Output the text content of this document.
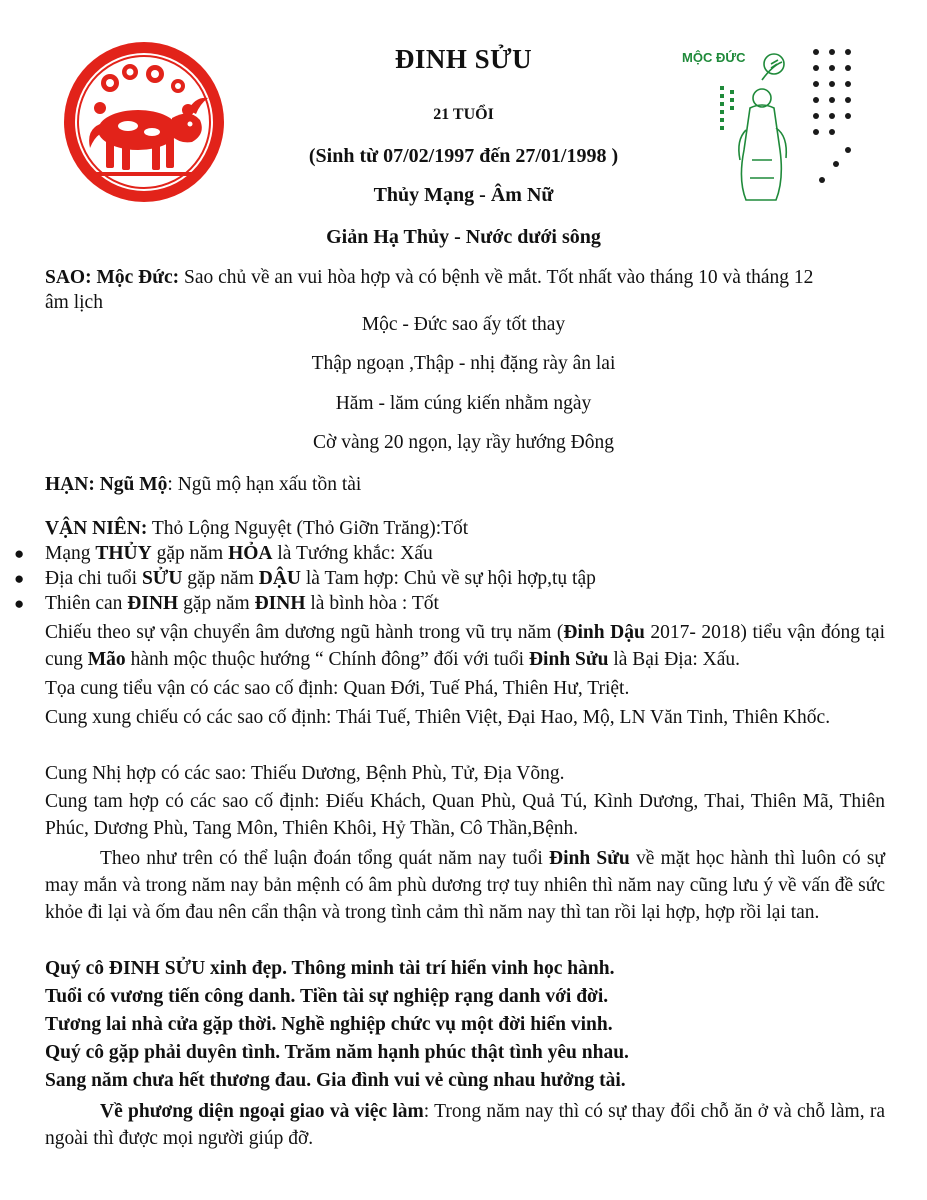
MỘC ĐỨC
ĐINH SỬU
21 TUỔI
(Sinh từ 07/02/1997 đến 27/01/1998 )
Thủy Mạng - Âm Nữ
Giản Hạ Thủy - Nước dưới sông
SAO: Mộc Đức: Sao chủ về an vui hòa hợp và có bệnh về mắt. Tốt nhất vào tháng 10 và tháng 12
âm lịch
Mộc - Đức sao ấy tốt thay
Thập ngoạn ,Thập - nhị đặng rày ân lai
Hăm - lăm cúng kiến nhằm ngày
Cờ vàng 20 ngọn, lạy rầy hướng Đông
HẠN: Ngũ Mộ: Ngũ mộ hạn xấu tồn tài
VẬN NIÊN: Thỏ Lộng Nguyệt (Thỏ Giỡn Trăng):Tốt
● Mạng THỦY gặp năm HỎA là Tướng khắc: Xấu
● Địa chi tuổi SỬU gặp năm DẬU là Tam hợp: Chủ về sự hội hợp,tụ tập
● Thiên can ĐINH gặp năm ĐINH là bình hòa : Tốt
Chiếu theo sự vận chuyển âm dương ngũ hành trong vũ trụ năm (Đinh Dậu 2017- 2018) tiểu vận đóng tại cung Mão hành mộc thuộc hướng “ Chính đông” đối với tuổi Đinh Sửu là Bại Địa: Xấu.
Tọa cung tiểu vận có các sao cố định: Quan Đới, Tuế Phá, Thiên Hư, Triệt.
Cung xung chiếu có các sao cố định: Thái Tuế, Thiên Việt, Đại Hao, Mộ, LN Văn Tinh, Thiên Khốc.
Cung Nhị hợp có các sao: Thiếu Dương, Bệnh Phù, Tử, Địa Võng.
Cung tam hợp có các sao cố định: Điếu Khách, Quan Phù, Quả Tú, Kình Dương, Thai, Thiên Mã, Thiên Phúc, Dương Phù, Tang Môn, Thiên Khôi, Hỷ Thần, Cô Thần,Bệnh.
Theo như trên có thể luận đoán tổng quát năm nay tuổi Đinh Sửu về mặt học hành thì luôn có sự may mắn và trong năm nay bản mệnh có âm phù dương trợ tuy nhiên thì năm nay cũng lưu ý về vấn đề sức khỏe đi lại và ốm đau nên cẩn thận và trong tình cảm thì năm nay thì tan rồi lại hợp, hợp rồi lại tan.
Quý cô ĐINH SỬU xinh đẹp. Thông minh tài trí hiển vinh học hành.
Tuổi có vương tiến công danh. Tiền tài sự nghiệp rạng danh với đời.
Tương lai nhà cửa gặp thời. Nghề nghiệp chức vụ một đời hiển vinh.
Quý cô gặp phải duyên tình. Trăm năm hạnh phúc thật tình yêu nhau.
Sang năm chưa hết thương đau. Gia đình vui vẻ cùng nhau hưởng tài.
Về phương diện ngoại giao và việc làm: Trong năm nay thì có sự thay đổi chỗ ăn ở và chỗ làm, ra ngoài thì được mọi người giúp đỡ.
